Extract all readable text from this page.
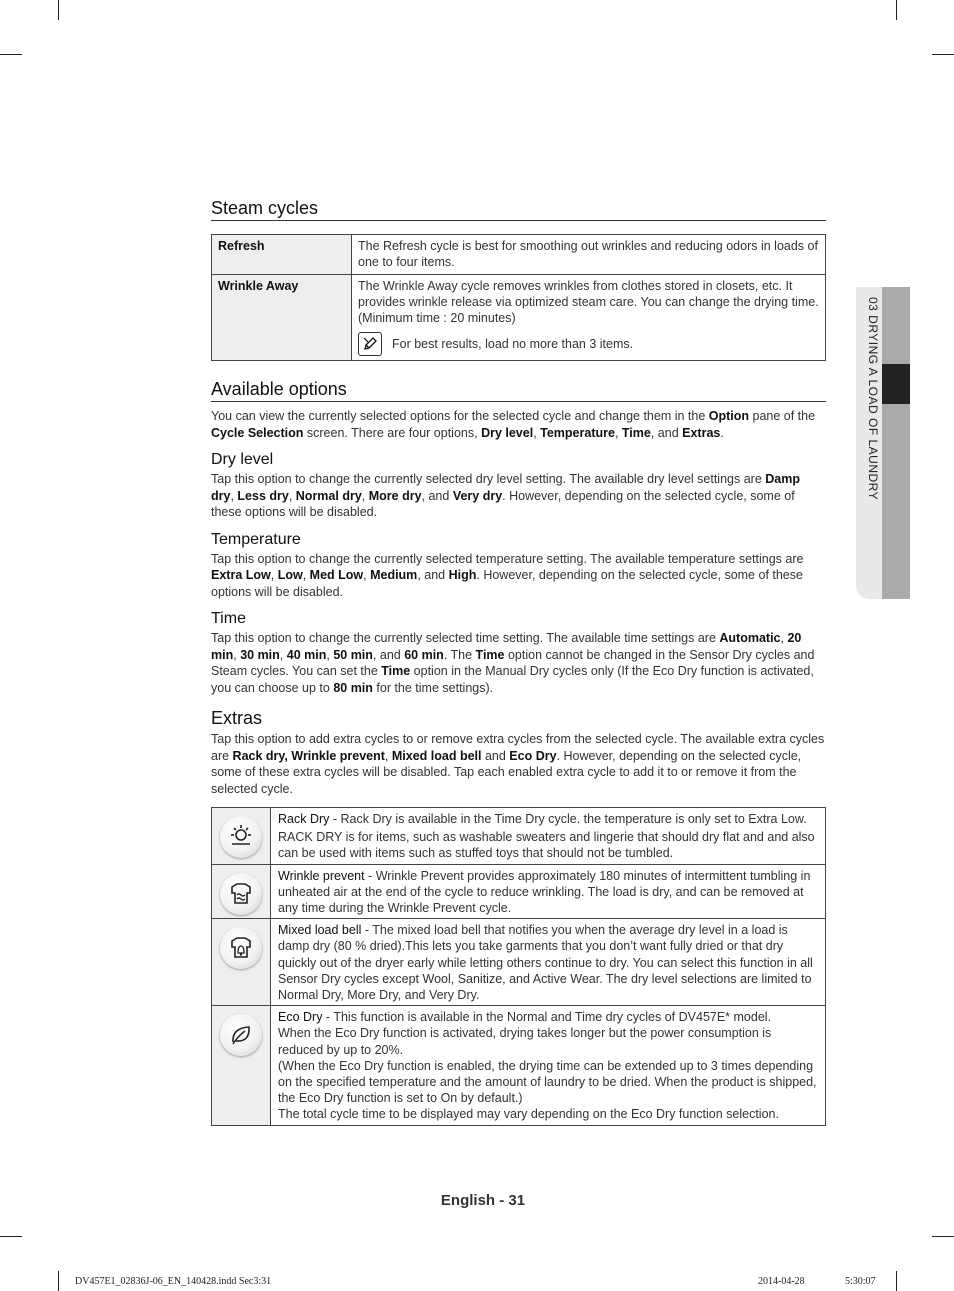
Steam cycles
Refresh	The Refresh cycle is best for smoothing out wrinkles and reducing odors in loads of one to four items.
Wrinkle Away	The Wrinkle Away cycle removes wrinkles from clothes stored in closets, etc. It provides wrinkle release via optimized steam care. You can change the drying time. (Minimum time : 20 minutes)
For best results, load no more than 3 items.
Available options

You can view the currently selected options for the selected cycle and change them in the Option pane of the Cycle Selection screen. There are four options, Dry level, Temperature, Time, and Extras.

Dry level

Tap this option to change the currently selected dry level setting. The available dry level settings are Damp dry, Less dry, Normal dry, More dry, and Very dry. However, depending on the selected cycle, some of these options will be disabled.

Temperature

Tap this option to change the currently selected temperature setting. The available temperature settings are Extra Low, Low, Med Low, Medium, and High. However, depending on the selected cycle, some of these options will be disabled.

Time

Tap this option to change the currently selected time setting. The available time settings are Automatic, 20 min, 30 min, 40 min, 50 min, and 60 min. The Time option cannot be changed in the Sensor Dry cycles and Steam cycles. You can set the Time option in the Manual Dry cycles only (If the Eco Dry function is activated, you can choose up to 80 min for the time settings).

Extras

Tap this option to add extra cycles to or remove extra cycles from the selected cycle. The available extra cycles are Rack dry, Wrinkle prevent, Mixed load bell and Eco Dry. However, depending on the selected cycle, some of these extra cycles will be disabled. Tap each enabled extra cycle to add it to or remove it from the selected cycle.

Rack Dry - Rack Dry is available in the Time Dry cycle. the temperature is only set to Extra Low.
RACK DRY is for items, such as washable sweaters and lingerie that should dry flat and and also can be used with items such as stuffed toys that should not be tumbled.

Wrinkle prevent - Wrinkle Prevent provides approximately 180 minutes of intermittent tumbling in unheated air at the end of the cycle to reduce wrinkling. The load is dry, and can be removed at any time during the Wrinkle Prevent cycle.

Mixed load bell - The mixed load bell that notifies you when the average dry level in a load is damp dry (80 % dried).This lets you take garments that you don’t want fully dried or that dry quickly out of the dryer early while letting others continue to dry. You can select this function in all Sensor Dry cycles except Wool, Sanitize, and Active Wear. The dry level selections are limited to Normal Dry, More Dry, and Very Dry.

Eco Dry - This function is available in the Normal and Time dry cycles of DV457E* model.
When the Eco Dry function is activated, drying takes longer but the power consumption is reduced by up to 20%.
(When the Eco Dry function is enabled, the drying time can be extended up to 3 times depending on the specified temperature and the amount of laundry to be dried. When the product is shipped, the Eco Dry function is set to On by default.)
The total cycle time to be displayed may vary depending on the Eco Dry function selection.
03 DRYING A LOAD OF LAUNDRY
English - 31
DV457E1_02836J-06_EN_140428.indd Sec3:31	2014-04-28	5:30:07
